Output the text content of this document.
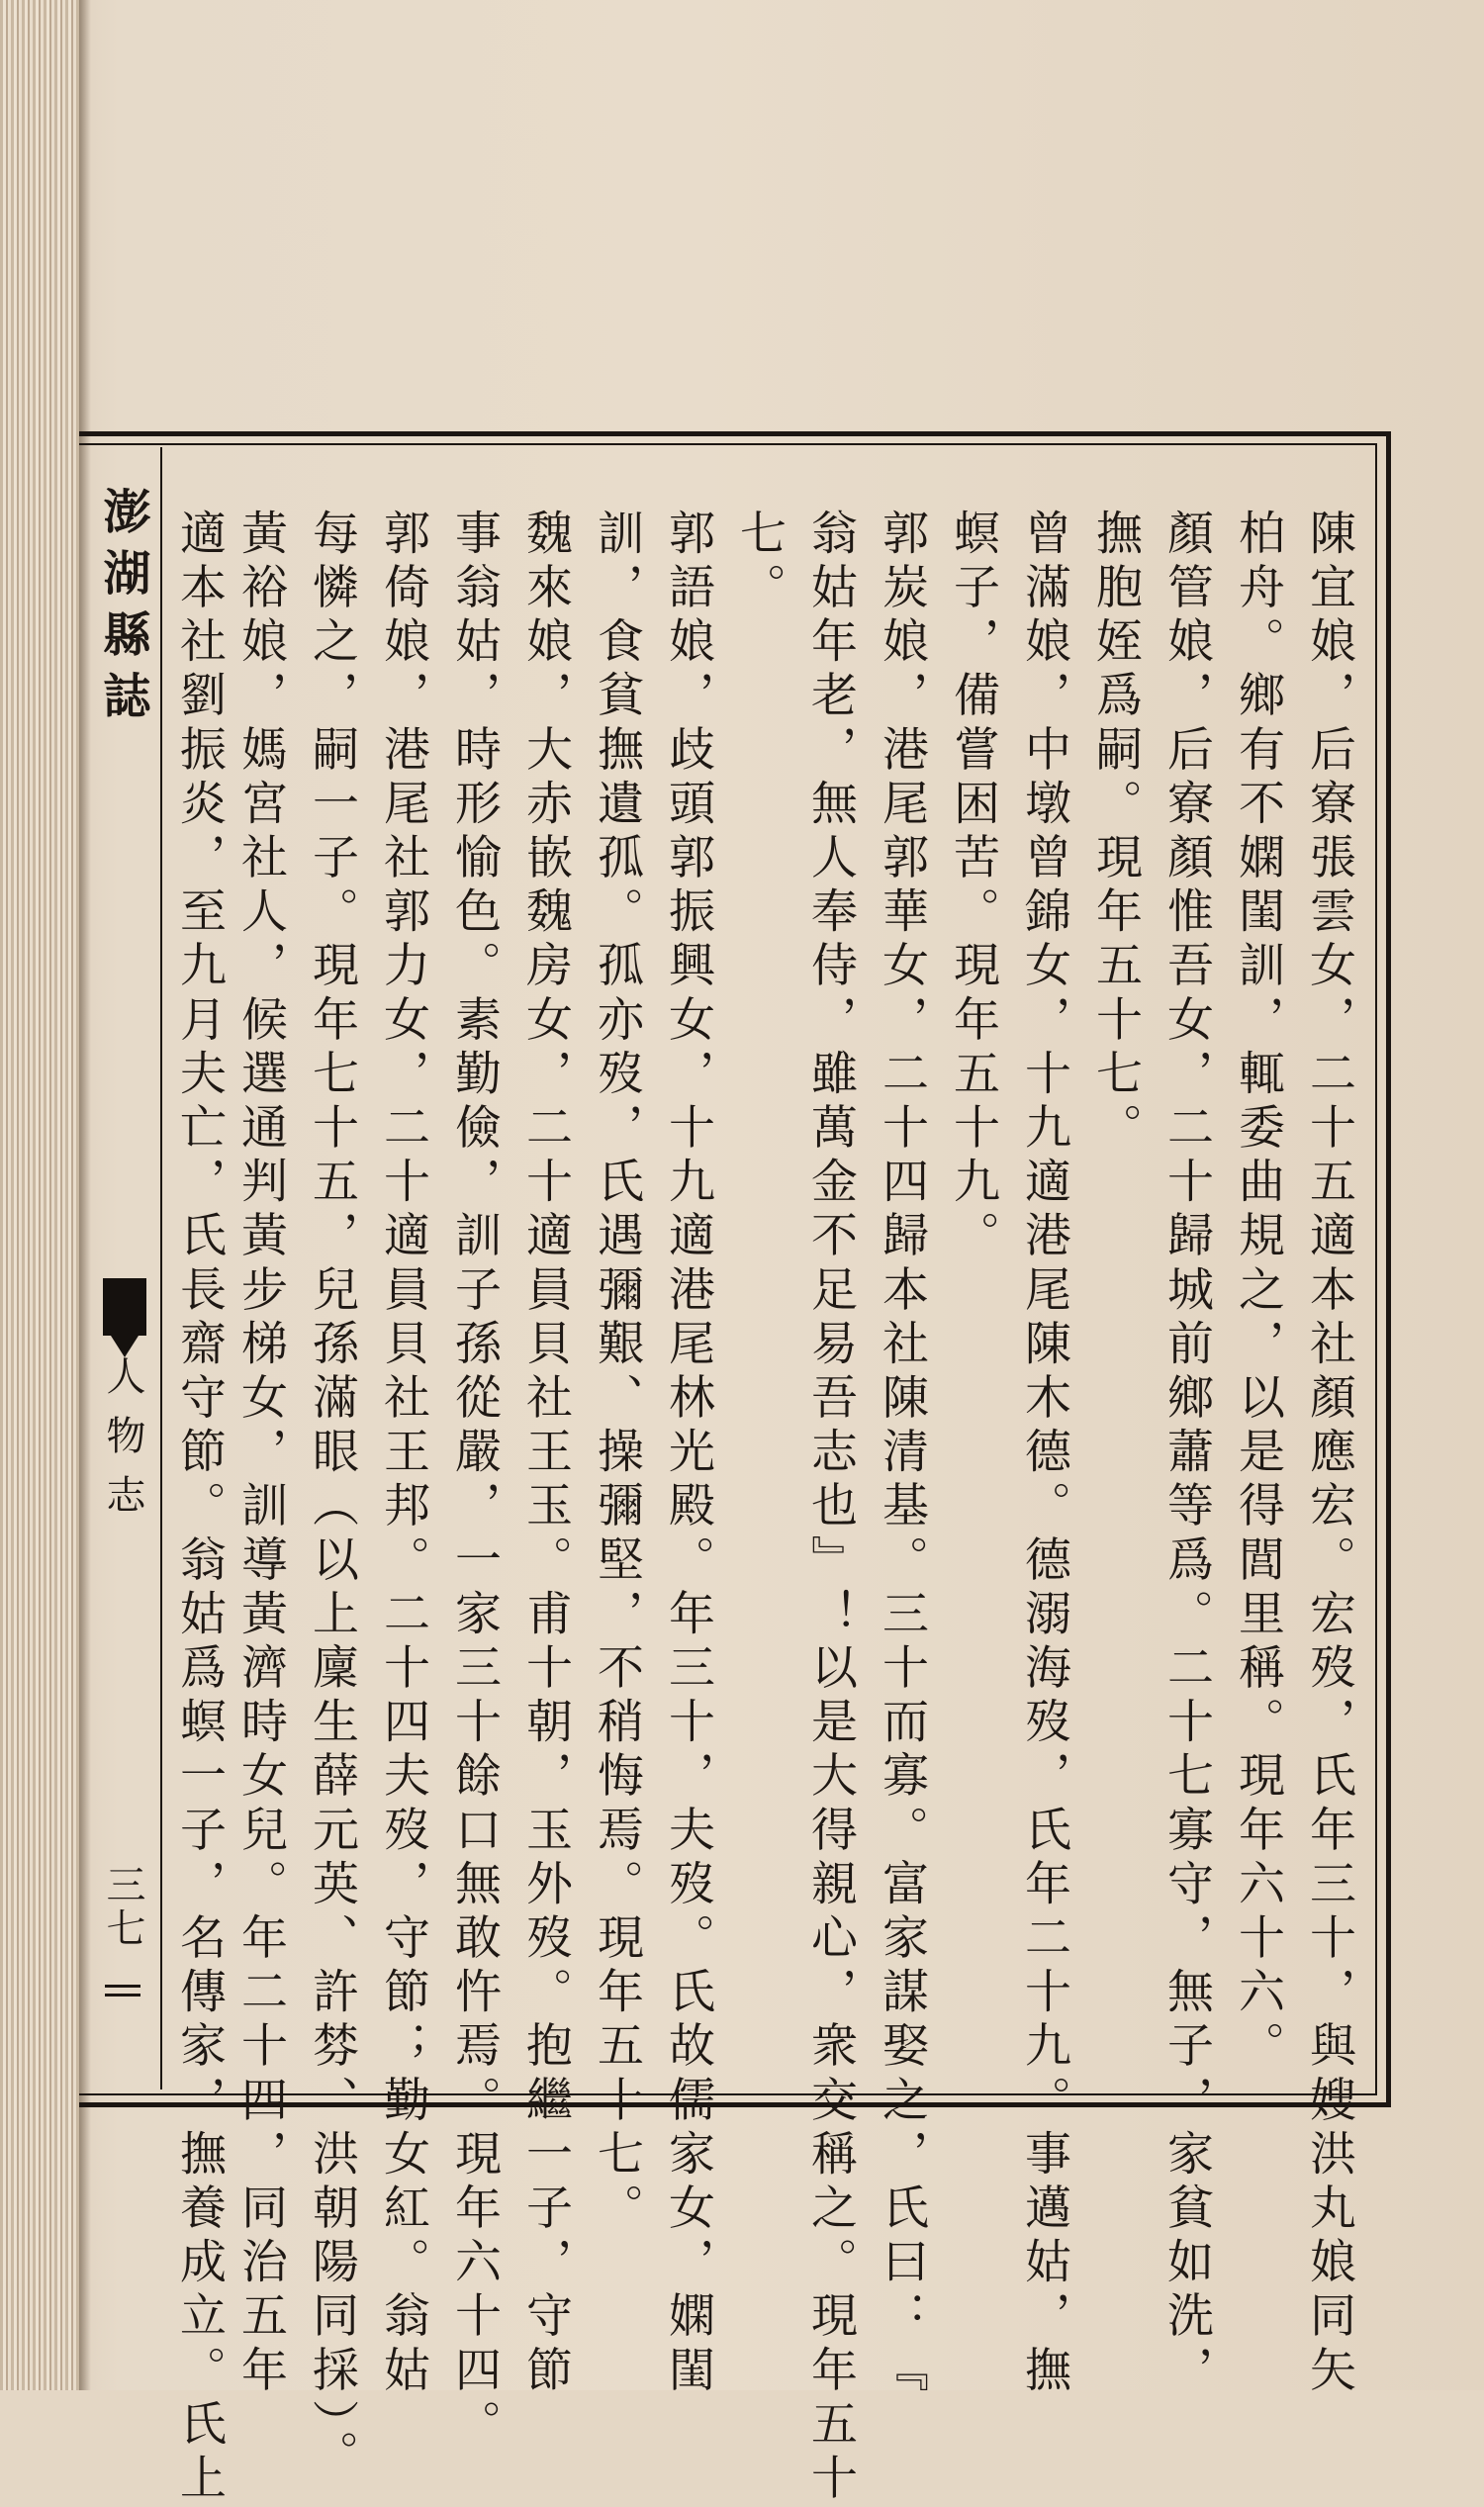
澎湖縣誌
人物志
三七	陳宜娘，后寮張雲女，二十五適本社顏應宏。宏歿，氏年三十，與嫂洪丸娘同矢
柏舟。鄉有不嫻閨訓，輒委曲規之，以是得閭里稱。現年六十六。
顏管娘，后寮顏惟吾女，二十歸城前鄉蕭等爲。二十七寡守，無子，家貧如洗，
撫胞姪爲嗣。現年五十七。
曾滿娘，中墩曾錦女，十九適港尾陳木德。德溺海歿，氏年二十九。事邁姑，撫
螟子，備嘗困苦。現年五十九。
郭炭娘，港尾郭華女，二十四歸本社陳清基。三十而寡。富家謀娶之，氏曰：『
翁姑年老，無人奉侍，雖萬金不足易吾志也』！以是大得親心，衆交稱之。現年五十
七。
郭語娘，歧頭郭振興女，十九適港尾林光殿。年三十，夫歿。氏故儒家女，嫻閨
訓，食貧撫遺孤。孤亦歿，氏遇彌艱、操彌堅，不稍悔焉。現年五十七。
魏來娘，大赤嵌魏房女，二十適員貝社王玉。甫十朝，玉外歿。抱繼一子，守節
事翁姑，時形愉色。素勤儉，訓子孫從嚴，一家三十餘口無敢忤焉。現年六十四。
郭倚娘，港尾社郭力女，二十適員貝社王邦。二十四夫歿，守節；勤女紅。翁姑
每憐之，嗣一子。現年七十五，兒孫滿眼（以上廩生薛元英、許棼、洪朝陽同採）。
黃裕娘，媽宮社人，候選通判黃步梯女，訓導黃濟時女兒。年二十四，同治五年
適本社劉振炎，至九月夫亡，氏長齋守節。翁姑爲螟一子，名傳家，撫養成立。氏上
